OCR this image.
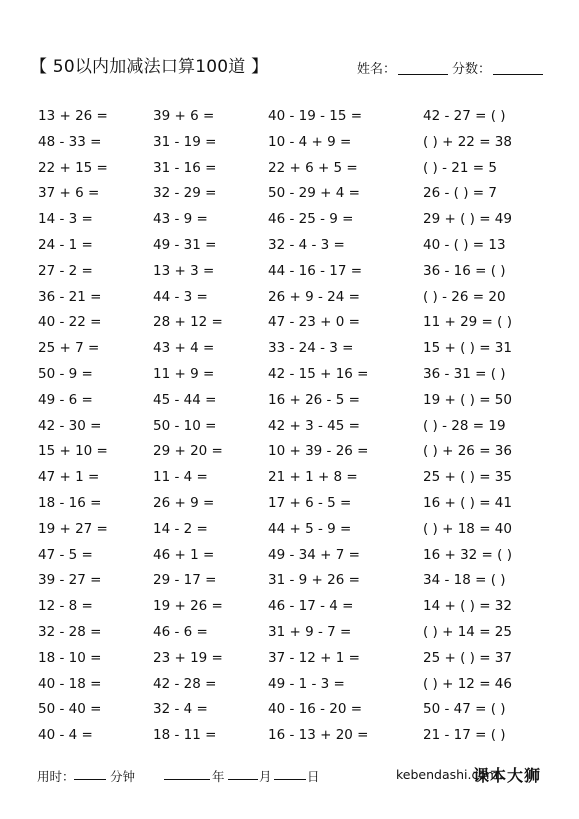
【 50以内加减法口算100道 】	姓名：	分数：
13 + 26 =	39 + 6 =	40 - 19 - 15 =	42 - 27 = ( )
48 - 33 =	31 - 19 =	10 - 4 + 9 =	( ) + 22 = 38
22 + 15 =	31 - 16 =	22 + 6 + 5 =	( ) - 21 = 5
37 + 6 =	32 - 29 =	50 - 29 + 4 =	26 - ( ) = 7
14 - 3 =	43 - 9 =	46 - 25 - 9 =	29 + ( ) = 49
24 - 1 =	49 - 31 =	32 - 4 - 3 =	40 - ( ) = 13
27 - 2 =	13 + 3 =	44 - 16 - 17 =	36 - 16 = ( )
36 - 21 =	44 - 3 =	26 + 9 - 24 =	( ) - 26 = 20
40 - 22 =	28 + 12 =	47 - 23 + 0 =	11 + 29 = ( )
25 + 7 =	43 + 4 =	33 - 24 - 3 =	15 + ( ) = 31
50 - 9 =	11 + 9 =	42 - 15 + 16 =	36 - 31 = ( )
49 - 6 =	45 - 44 =	16 + 26 - 5 =	19 + ( ) = 50
42 - 30 =	50 - 10 =	42 + 3 - 45 =	( ) - 28 = 19
15 + 10 =	29 + 20 =	10 + 39 - 26 =	( ) + 26 = 36
47 + 1 =	11 - 4 =	21 + 1 + 8 =	25 + ( ) = 35
18 - 16 =	26 + 9 =	17 + 6 - 5 =	16 + ( ) = 41
19 + 27 =	14 - 2 =	44 + 5 - 9 =	( ) + 18 = 40
47 - 5 =	46 + 1 =	49 - 34 + 7 =	16 + 32 = ( )
39 - 27 =	29 - 17 =	31 - 9 + 26 =	34 - 18 = ( )
12 - 8 =	19 + 26 =	46 - 17 - 4 =	14 + ( ) = 32
32 - 28 =	46 - 6 =	31 + 9 - 7 =	( ) + 14 = 25
18 - 10 =	23 + 19 =	37 - 12 + 1 =	25 + ( ) = 37
40 - 18 =	42 - 28 =	49 - 1 - 3 =	( ) + 12 = 46
50 - 40 =	32 - 4 =	40 - 16 - 20 =	50 - 47 = ( )
40 - 4 =	18 - 11 =	16 - 13 + 20 =	21 - 17 = ( )
用时：	分钟	年	月	日	kebendashi.com
课本大狮
